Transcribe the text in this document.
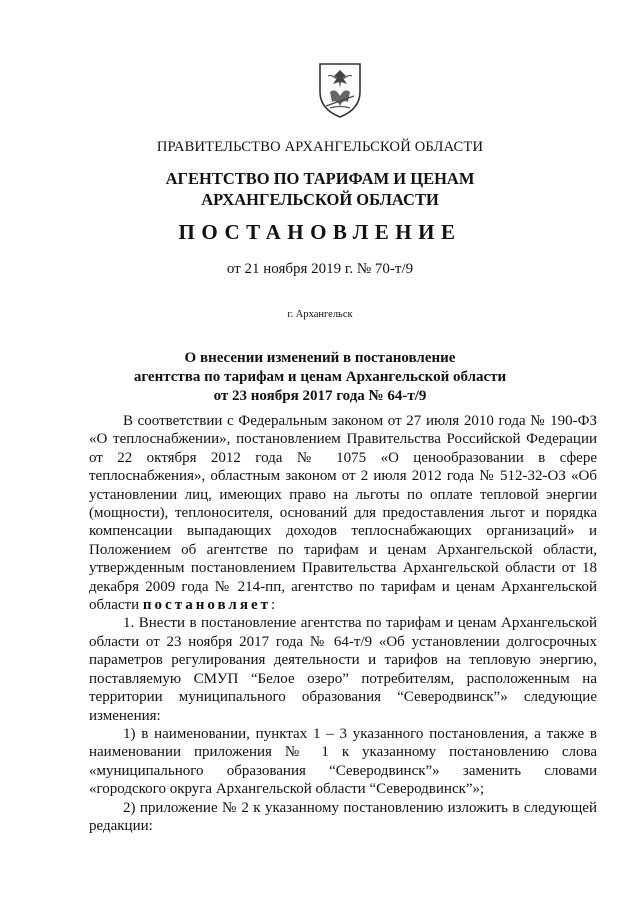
ПРАВИТЕЛЬСТВО АРХАНГЕЛЬСКОЙ ОБЛАСТИ
АГЕНТСТВО ПО ТАРИФАМ И ЦЕНАМ
АРХАНГЕЛЬСКОЙ ОБЛАСТИ
ПОСТАНОВЛЕНИЕ
от 21 ноября 2019 г. № 70-т/9
г. Архангельск
О внесении изменений в постановление
агентства по тарифам и ценам Архангельской области
от 23 ноября 2017 года № 64-т/9

В соответствии с Федеральным законом от 27 июля 2010 года № 190-ФЗ «О теплоснабжении», постановлением Правительства Российской Федерации от 22 октября 2012 года № 1075 «О ценообразовании в сфере теплоснабжения», областным законом от 2 июля 2012 года № 512-32-ОЗ «Об установлении лиц, имеющих право на льготы по оплате тепловой энергии (мощности), теплоносителя, оснований для предоставления льгот и порядка компенсации выпадающих доходов теплоснабжающих организаций» и Положением об агентстве по тарифам и ценам Архангельской области, утвержденным постановлением Правительства Архангельской области от 18 декабря 2009 года № 214-пп, агентство по тарифам и ценам Архангельской области постановляет:

1. Внести в постановление агентства по тарифам и ценам Архангельской области от 23 ноября 2017 года № 64-т/9 «Об установлении долгосрочных параметров регулирования деятельности и тарифов на тепловую энергию, поставляемую СМУП “Белое озеро” потребителям, расположенным на территории муниципального образования “Северодвинск”» следующие изменения:

1) в наименовании, пунктах 1 – 3 указанного постановления, а также в наименовании приложения № 1 к указанному постановлению слова «муниципального образования “Северодвинск”» заменить словами «городского округа Архангельской области “Северодвинск”»;

2) приложение № 2 к указанному постановлению изложить в следующей редакции:
